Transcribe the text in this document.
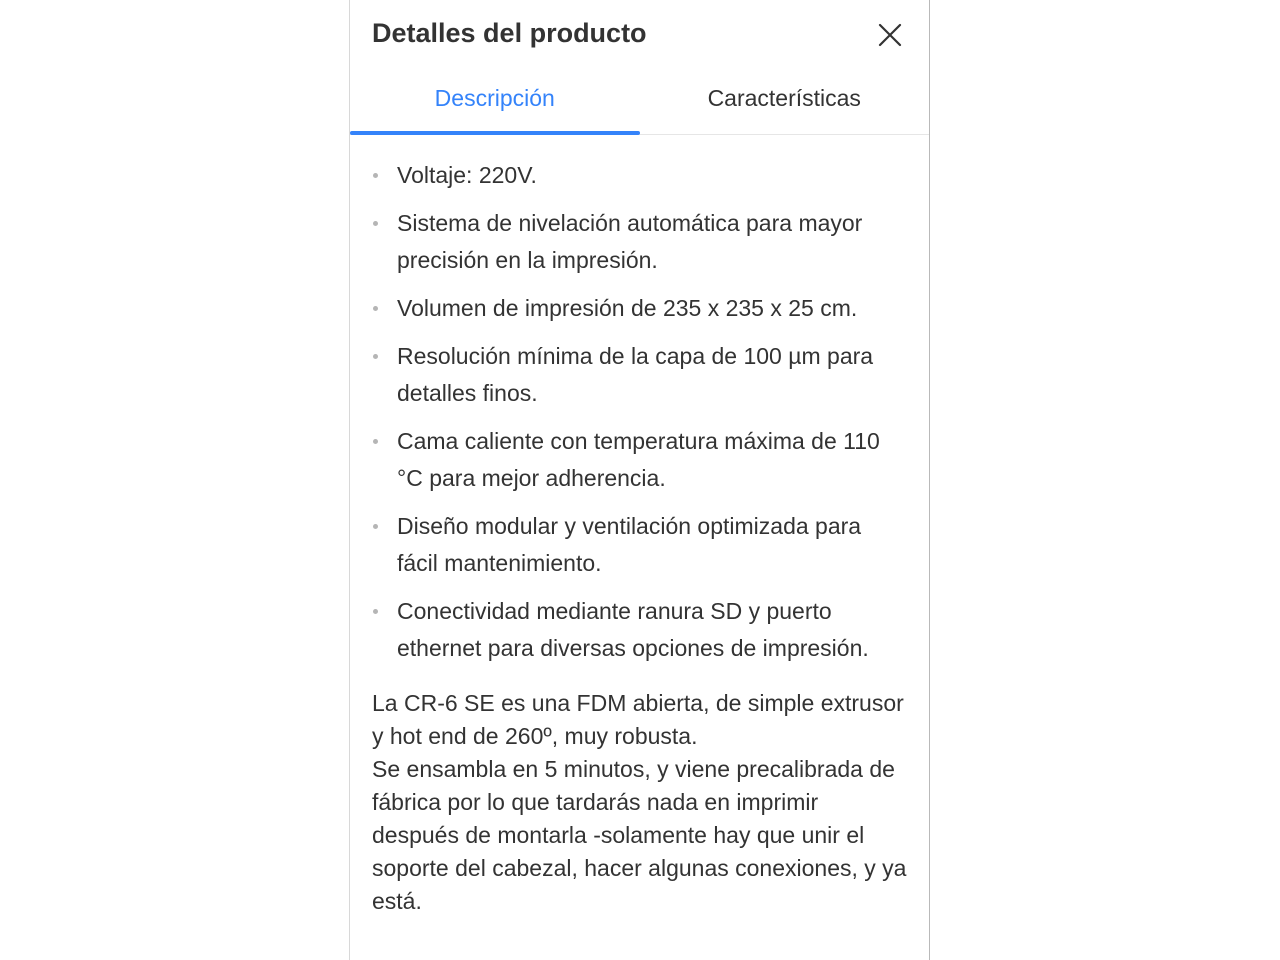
Detalles del producto
Descripción	Características
Voltaje: 220V.
Sistema de nivelación automática para mayor precisión en la impresión.
Volumen de impresión de 235 x 235 x 25 cm.
Resolución mínima de la capa de 100 µm para detalles finos.
Cama caliente con temperatura máxima de 110 °C para mejor adherencia.
Diseño modular y ventilación optimizada para fácil mantenimiento.
Conectividad mediante ranura SD y puerto ethernet para diversas opciones de impresión.

La CR-6 SE es una FDM abierta, de simple extrusor y hot end de 260º, muy robusta.

Se ensambla en 5 minutos, y viene precalibrada de fábrica por lo que tardarás nada en imprimir después de montarla -solamente hay que unir el soporte del cabezal, hacer algunas conexiones, y ya está.
